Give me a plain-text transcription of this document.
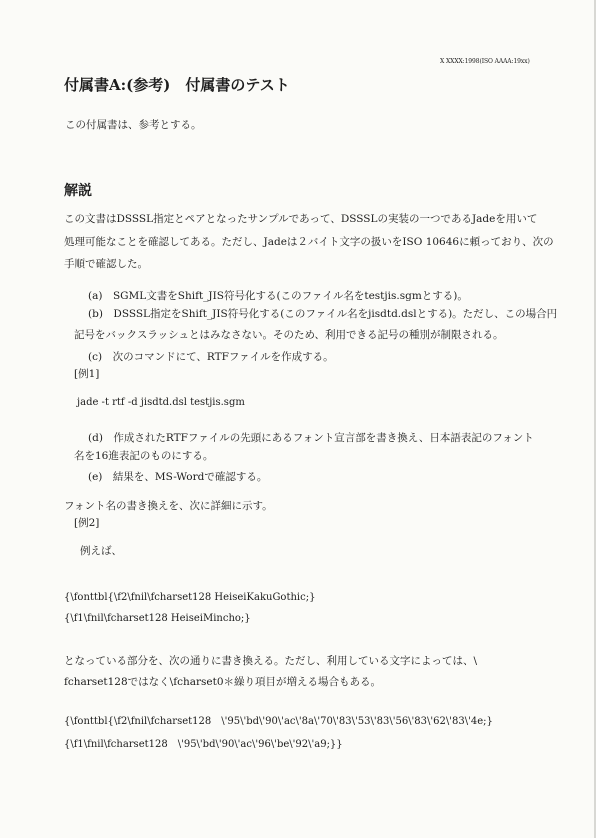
X XXXX:1998(ISO AAAA:19xx)
付属書A:(参考)　付属書のテスト
この付属書は、参考とする。
解説
この文書はDSSSL指定とペアとなったサンプルであって、DSSSLの実装の一つであるJadeを用いて
処理可能なことを確認してある。ただし、Jadeは２バイト文字の扱いをISO 10646に頼っており、次の
手順で確認した。
(a)　SGML文書をShift_JIS符号化する(このファイル名をtestjis.sgmとする)。
(b)　DSSSL指定をShift_JIS符号化する(このファイル名をjisdtd.dslとする)。ただし、この場合円
記号をバックスラッシュとはみなさない。そのため、利用できる記号の種別が制限される。
(c)　次のコマンドにて、RTFファイルを作成する。
[例1]
jade -t rtf -d jisdtd.dsl testjis.sgm
(d)　作成されたRTFファイルの先頭にあるフォント宣言部を書き換え、日本語表記のフォント
名を16進表記のものにする。
(e)　結果を、MS-Wordで確認する。
フォント名の書き換えを、次に詳細に示す。
[例2]
例えば、
{\fonttbl{\f2\fnil\fcharset128 HeiseiKakuGothic;}
{\f1\fnil\fcharset128 HeiseiMincho;}
となっている部分を、次の通りに書き換える。ただし、利用している文字によっては、\
fcharset128ではなく\fcharset0＊繰り項目が増える場合もある。
{\fonttbl{\f2\fnil\fcharset128　\'95\'bd\'90\'ac\'8a\'70\'83\'53\'83\'56\'83\'62\'83\'4e;}
{\f1\fnil\fcharset128　\'95\'bd\'90\'ac\'96\'be\'92\'a9;}}
